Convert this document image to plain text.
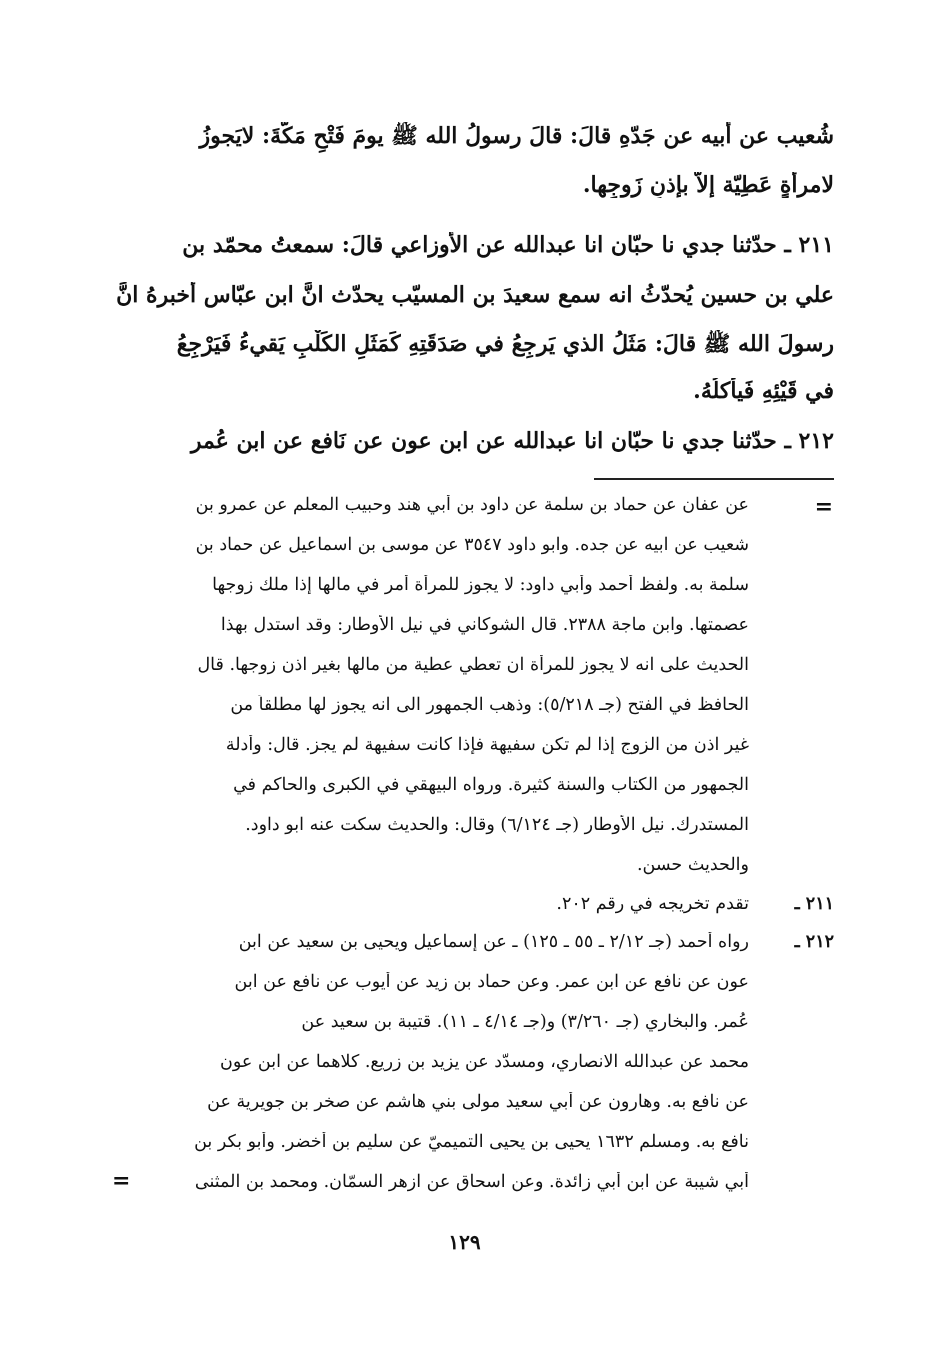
شُعيب عن أبيه عن جَدّهِ قالَ: قالَ رسولُ الله ﷺ يومَ فَتْحِ مَكَّةَ: لايَجوزُ
لامرأَةٍ عَطِيّة إلاّ بإذنِ زَوجِها.
٢١١ ـ حدّثنا جدي نا حبّان انا عبدالله عن الأوزاعي قالَ: سمعتُ محمّد بن
علي بن حسين يُحدّثُ انه سمع سعيدَ بن المسيّب يحدّث انَّ ابن عبّاس أخبرهُ انَّ
رسولَ الله ﷺ قالَ: مَثَلُ الذي يَرجِعُ في صَدَقَتِهِ كَمَثَلِ الكَلْبِ يَقيءُ فَيَرْجِعُ
في قَيْئِهِ فَيأكلُهُ.
٢١٢ ـ حدّثنا جدي نا حبّان انا عبدالله عن ابن عون عن نَافع عن ابن عُمر
=
عن عفان عن حماد بن سلمة عن داود بن أبي هند وحبيب المعلم عن عمرو بن
شعيب عن ابيه عن جده. وابو داود ٣٥٤٧ عن موسى بن اسماعيل عن حماد بن
سلمة به. ولفظ أحمد وأبي داود: لا يجوز للمرأة أمر في مالها إذا ملك زوجها
عصمتها. وابن ماجة ٢٣٨٨. قال الشوكاني في نيل الأوطار: وقد استدل بهذا
الحديث على انه لا يجوز للمرأة ان تعطي عطية من مالها بغير اذن زوجها. قال
الحافظ في الفتح (جـ ٥/٢١٨): وذهب الجمهور الى انه يجوز لها مطلقاً من
غير اذن من الزوج إذا لم تكن سفيهة فإذا كانت سفيهة لم يجز. قال: وأدلة
الجمهور من الكتاب والسنة كثيرة. ورواه البيهقي في الكبرى والحاكم في
المستدرك. نيل الأوطار (جـ ٦/١٢٤) وقال: والحديث سكت عنه ابو داود.
والحديث حسن.
٢١١ ـ
تقدم تخريجه في رقم ٢٠٢.
٢١٢ ـ
رواه أحمد (جـ ٢/١٢ ـ ٥٥ ـ ١٢٥) ـ عن إسماعيل ويحيى بن سعيد عن ابن
عون عن نافع عن ابن عمر. وعن حماد بن زيد عن أيوب عن نافع عن ابن
عُمر. والبخاري (جـ ٣/٢٦٠) و(جـ ٤/١٤ ـ ١١). قتيبة بن سعيد عن
محمد عن عبدالله الانصاري، ومسدّد عن يزيد بن زريع. كلاهما عن ابن عون
عن نافع به. وهارون عن أبي سعيد مولى بني هاشم عن صخر بن جويرية عن
نافع به. ومسلم ١٦٣٢ يحيى بن يحيى التميميّ عن سليم بن أخضر. وأبو بكر بن
أبي شيبة عن ابن أبي زائدة. وعن اسحاق عن ازهر السمّان. ومحمد بن المثنى
=
١٢٩
